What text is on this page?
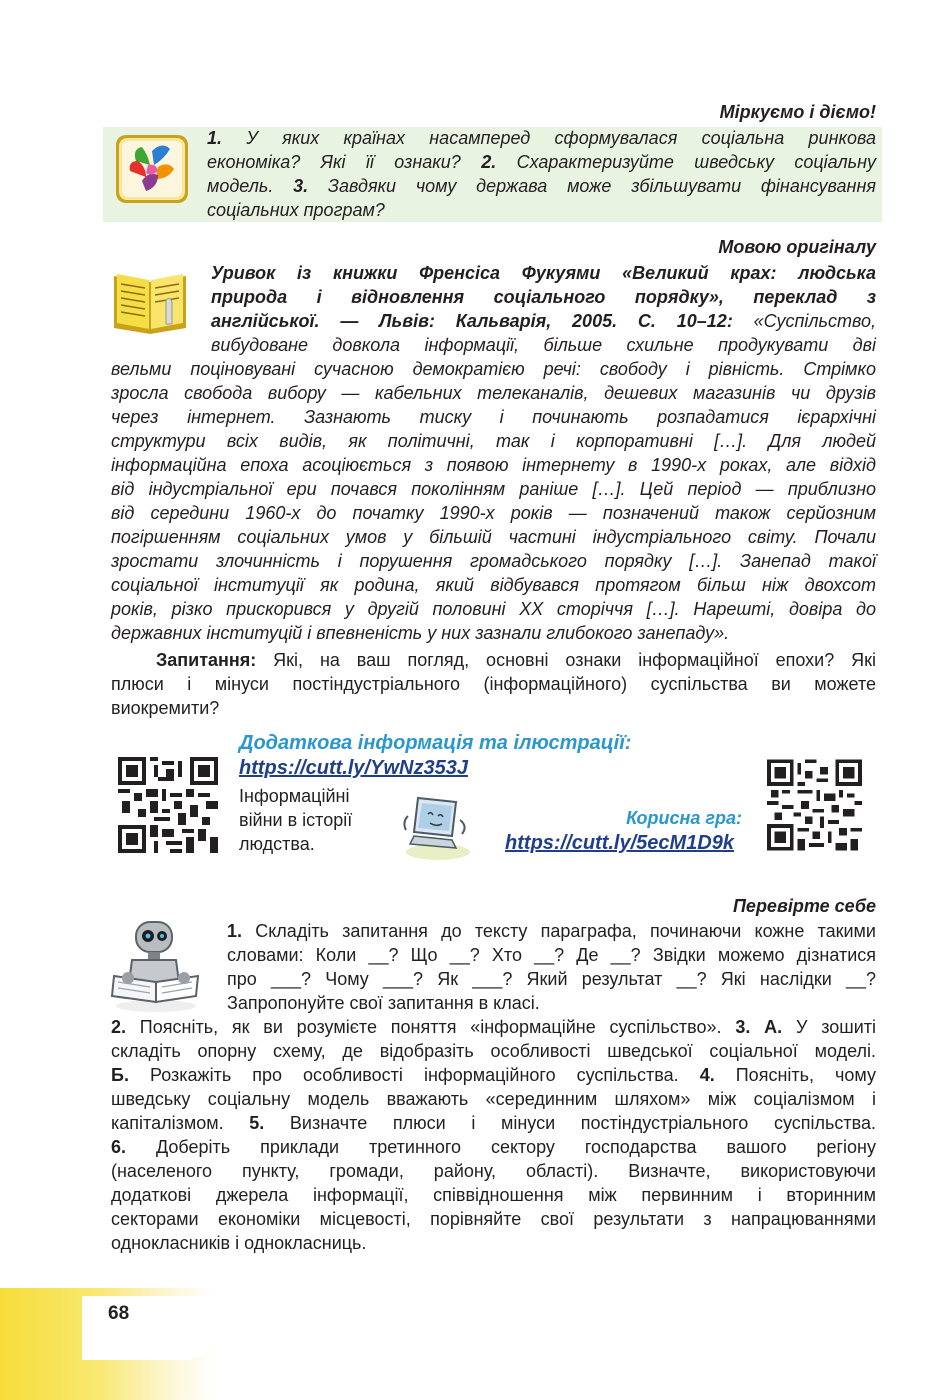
Міркуємо і діємо!
1. У яких країнах насамперед сформувалася соціальна ринкова
економіка? Які її ознаки? 2. Схарактеризуйте шведську соціальну
модель. 3. Завдяки чому держава може збільшувати фінансування
соціальних програм?
Мовою оригіналу
Уривок із книжки Френсіса Фукуями «Великий крах: людська
природа і відновлення соціального порядку», переклад з
англійської. — Львів: Кальварія, 2005. С. 10–12: «Суспільство,
вибудоване довкола інформації, більше схильне продукувати дві
вельми поціновувані сучасною демократією речі: свободу і рівність. Стрімко
зросла свобода вибору — кабельних телеканалів, дешевих магазинів чи друзів
через інтернет. Зазнають тиску і починають розпадатися ієрархічні
структури всіх видів, як політичні, так і корпоративні […]. Для людей
інформаційна епоха асоціюється з появою інтернету в 1990-х роках, але відхід
від індустріальної ери почався поколінням раніше […]. Цей період — приблизно
від середини 1960-х до початку 1990-х років — позначений також серйозним
погіршенням соціальних умов у більшій частині індустріального світу. Почали
зростати злочинність і порушення громадського порядку […]. Занепад такої
соціальної інституції як родина, який відбувався протягом більш ніж двохсот
років, різко прискорився у другій половині XX сторіччя […]. Нарешті, довіра до
державних інституцій і впевненість у них зазнали глибокого занепаду».
Запитання: Які, на ваш погляд, основні ознаки інформаційної епохи? Які
плюси і мінуси постіндустріального (інформаційного) суспільства ви можете
виокремити?
Додаткова інформація та ілюстрації:
https://cutt.ly/YwNz353J
Інформаційні
війни в історії
людства.
Корисна гра:
https://cutt.ly/5ecM1D9k
Перевірте себе
1. Складіть запитання до тексту параграфа, починаючи кожне такими
словами: Коли __? Що __? Хто __? Де __? Звідки можемо дізнатися
про ___? Чому ___? Як ___? Який результат __? Які наслідки __?
Запропонуйте свої запитання в класі.
2. Поясніть, як ви розумієте поняття «інформаційне суспільство». 3. А. У зошиті
складіть опорну схему, де відобразіть особливості шведської соціальної моделі.
Б. Розкажіть про особливості інформаційного суспільства. 4. Поясніть, чому
шведську соціальну модель вважають «серединним шляхом» між соціалізмом і
капіталізмом. 5. Визначте плюси і мінуси постіндустріального суспільства.
6. Доберіть приклади третинного сектору господарства вашого регіону
(населеного пункту, громади, району, області). Визначте, використовуючи
додаткові джерела інформації, співвідношення між первинним і вторинним
секторами економіки місцевості, порівняйте свої результати з напрацюваннями
однокласників і однокласниць.
68
